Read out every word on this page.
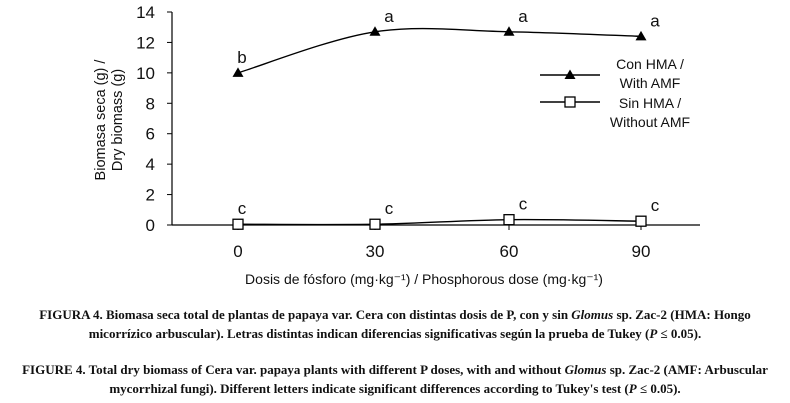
0
2
4
6
8
10
12
14
0	30	60	90
b
a	a	a
c	c	c	c
Biomasa seca (g) / Dry biomass (g)
Dosis de fósforo (mg·kg⁻¹) / Phosphorous dose (mg·kg⁻¹)
Con HMA /
With AMF
Sin HMA /
Without AMF
FIGURA 4. Biomasa seca total de plantas de papaya var. Cera con distintas dosis de P, con y sin Glomus sp. Zac-2 (HMA: Hongo
micorrízico arbuscular). Letras distintas indican diferencias significativas según la prueba de Tukey (P ≤ 0.05).
FIGURE 4. Total dry biomass of Cera var. papaya plants with different P doses, with and without Glomus sp. Zac-2 (AMF: Arbuscular
mycorrhizal fungi). Different letters indicate significant differences according to Tukey's test (P ≤ 0.05).
